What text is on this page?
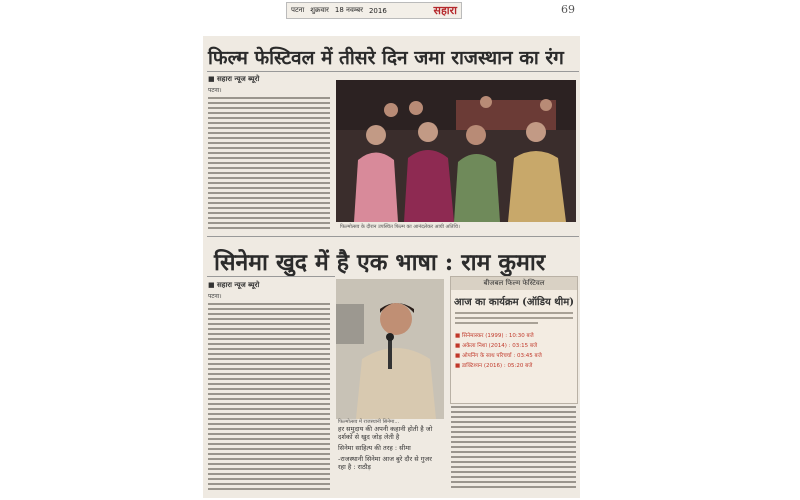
69
पटना शुक्रवार 18 नवम्बर 2016	सहारा
फिल्म फेस्टिवल में तीसरे दिन जमा राजस्थान का रंग
■ सहारा न्यूज ब्यूरो
पटना।
फिल्मोत्सव के दौरान उपस्थित फिल्म का आनंदलेकर आयी अतिथि।
सिनेमा खुद में है एक भाषा : राम कुमार
■ सहारा न्यूज ब्यूरो
पटना।
फिल्मोत्सव में राजस्थानी सिनेमा...
हर समुदाय की अपनी कहानी होती है जो
दर्शकों से खुद जोड़ लेती है
सिनेमा साहित्य की तरह : सीमा
-राजस्थानी सिनेमा आज बुरे दौर से गुजर
रहा है : राठौड़
बीजबल फिल्म फेस्टिवल
आज का कार्यक्रम (ऑडिय थीम)
■ सिनेमास्कर (1999) : 10:30 बजे
■ अकेला निशा (2014) : 03:15 बजे
■ ओपनिंग के साथ परिचर्चा : 03:45 बजे
■ डाक्टिश्यन (2016) : 05:20 बजे
